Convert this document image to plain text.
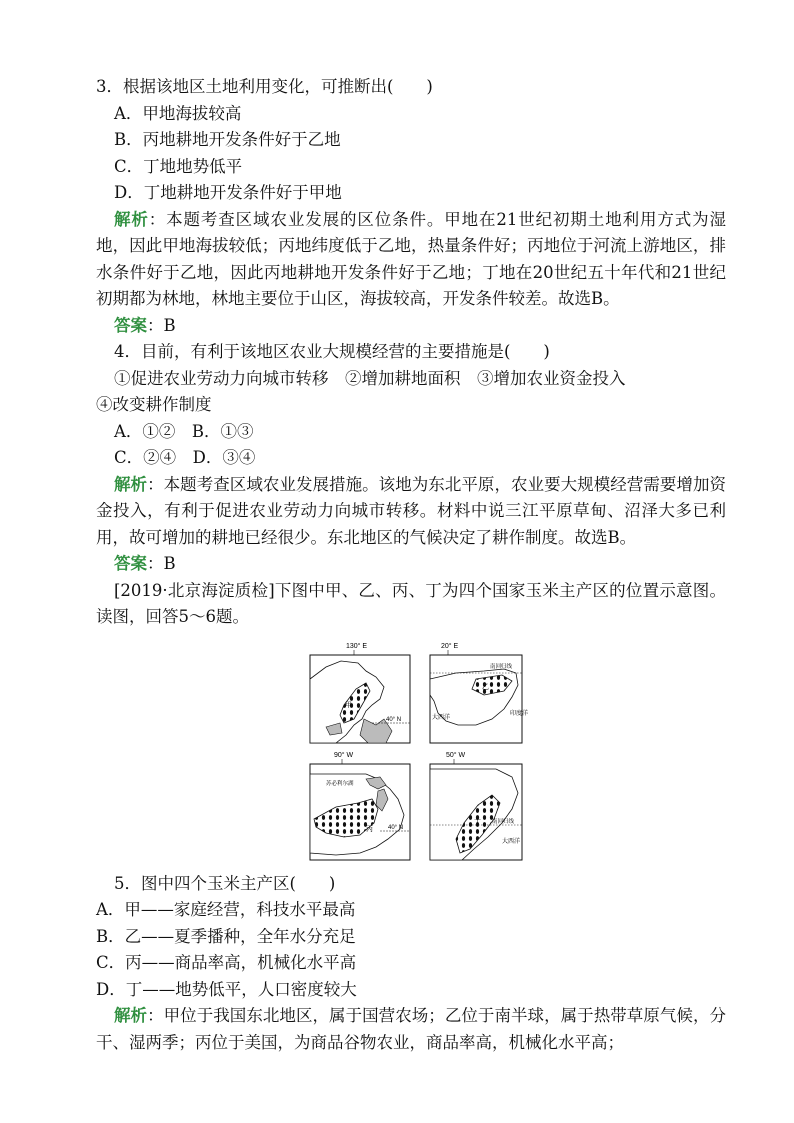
3．根据该地区土地利用变化，可推断出(　　)
A．甲地海拔较高
B．丙地耕地开发条件好于乙地
C．丁地地势低平
D．丁地耕地开发条件好于甲地
解析：本题考查区域农业发展的区位条件。甲地在21世纪初期土地利用方式为湿地，因此甲地海拔较低；丙地纬度低于乙地，热量条件好；丙地位于河流上游地区，排水条件好于乙地，因此丙地耕地开发条件好于乙地；丁地在20世纪五十年代和21世纪初期都为林地，林地主要位于山区，海拔较高，开发条件较差。故选B。
答案：B
4．目前，有利于该地区农业大规模经营的主要措施是(　　)
①促进农业劳动力向城市转移　②增加耕地面积　③增加农业资金投入
④改变耕作制度
A．①②　B．①③
C．②④　D．③④
解析：本题考查区域农业发展措施。该地为东北平原，农业要大规模经营需要增加资金投入，有利于促进农业劳动力向城市转移。材料中说三江平原草甸、沼泽大多已利用，故可增加的耕地已经很少。东北地区的气候决定了耕作制度。故选B。
答案：B
[2019·北京海淀质检]下图中甲、乙、丙、丁为四个国家玉米主产区的位置示意图。读图，回答5～6题。
130° E
甲
40° N
20° E
南回归线
乙
大西洋
印度洋
90° W
苏必利尔湖
丙	40° N
50° W
南回归线
丁
大西洋
5．图中四个玉米主产区(　　)
A．甲——家庭经营，科技水平最高
B．乙——夏季播种，全年水分充足
C．丙——商品率高，机械化水平高
D．丁——地势低平，人口密度较大
解析：甲位于我国东北地区，属于国营农场；乙位于南半球，属于热带草原气候，分干、湿两季；丙位于美国，为商品谷物农业，商品率高，机械化水平高；
